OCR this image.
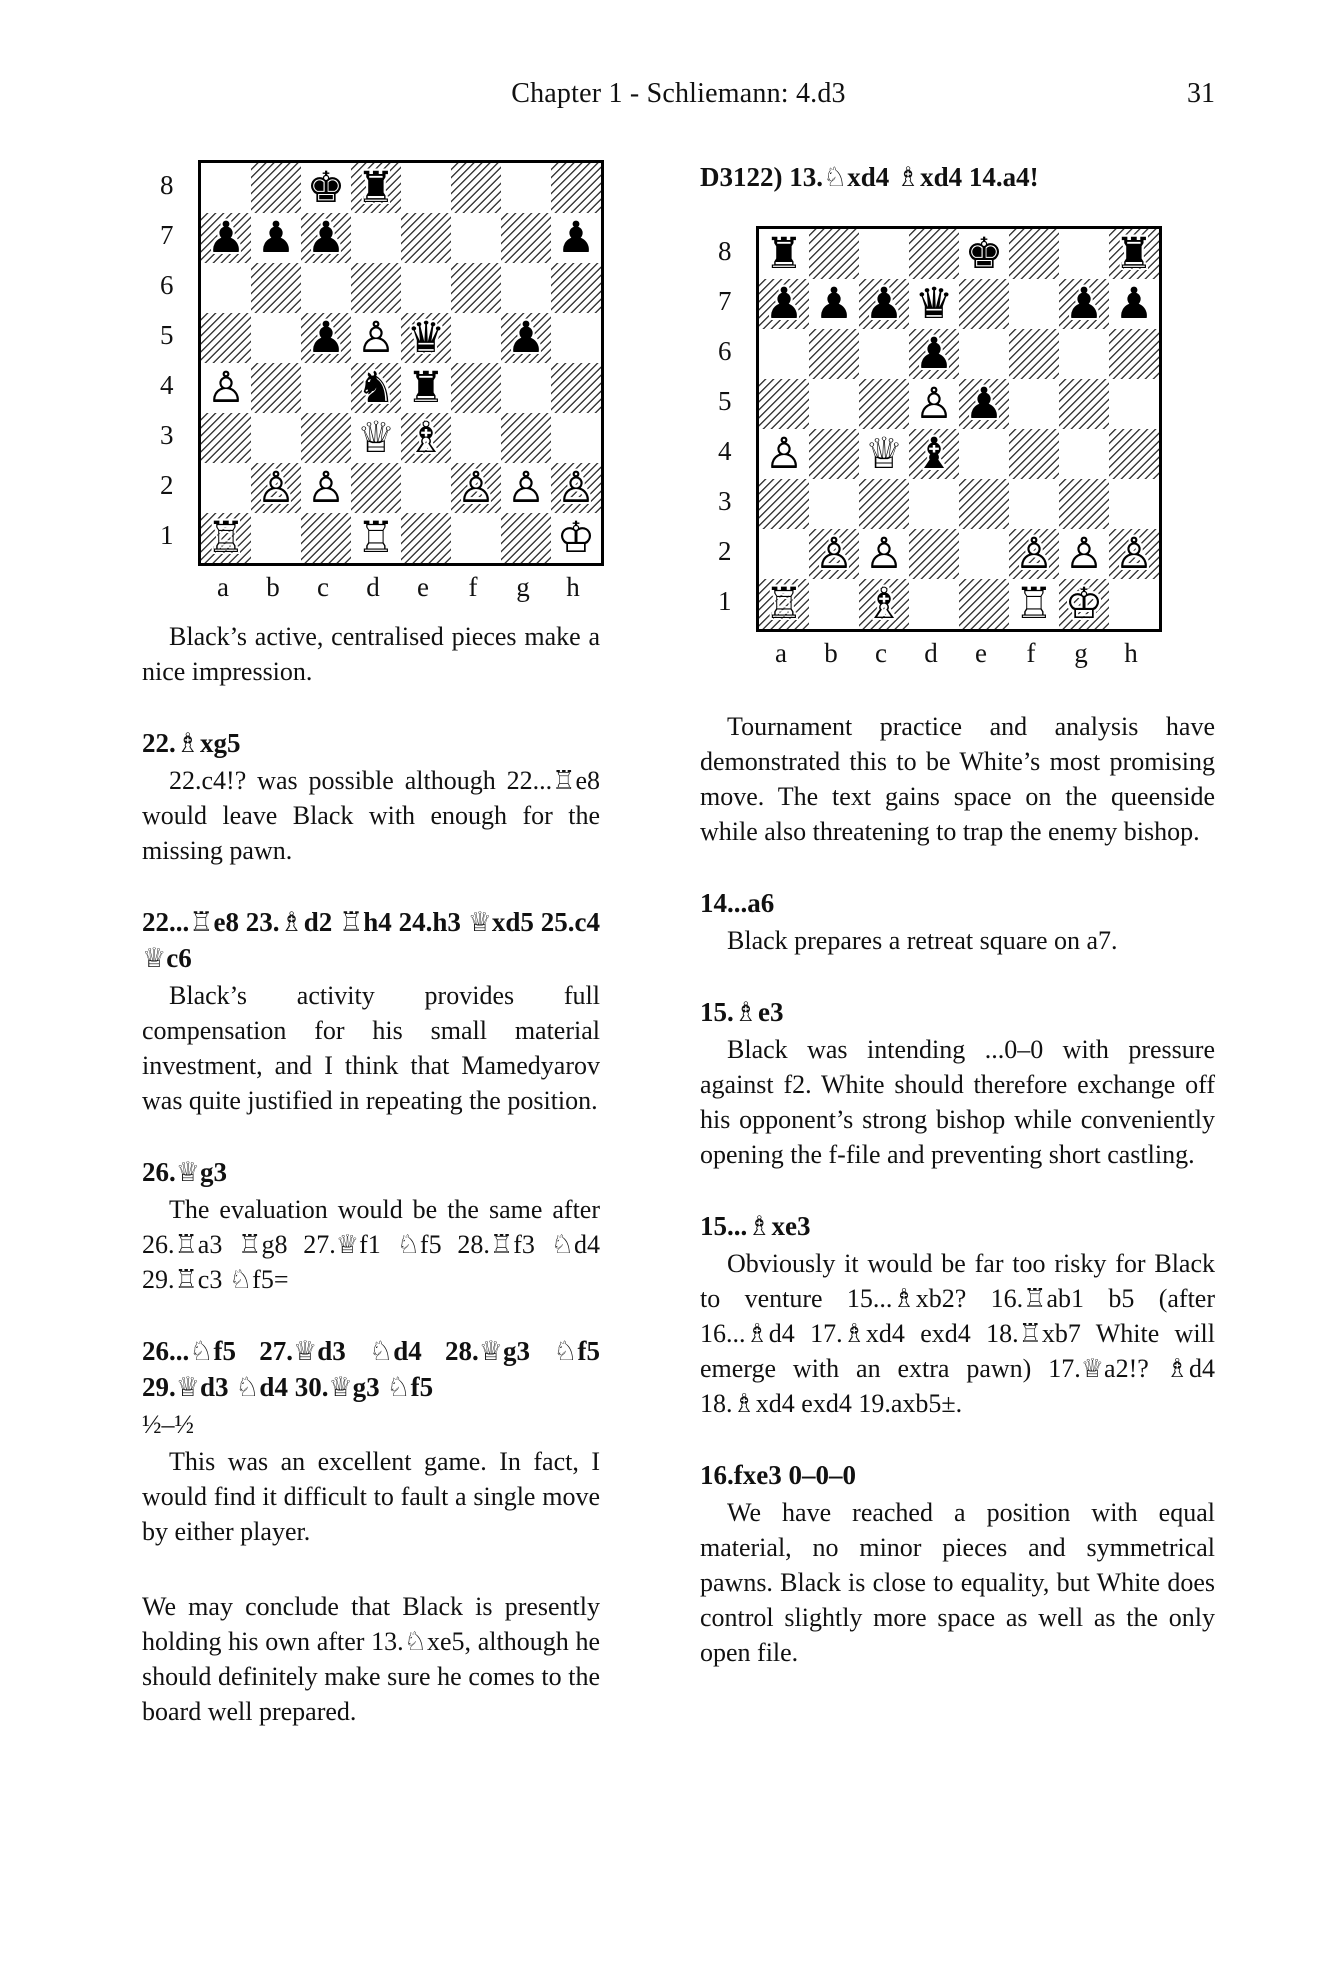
Chapter 1 - Schliemann: 4.d3	31
8
7
6
5
4
3
2
1
♚ ♜
♟ ♟ ♟	♟
♟ ♙ ♛ ♟
♙	♞ ♜
♕ ♗
♙ ♙	♙ ♙ ♙
♖	♖	♔
a	b	c	d	e	f	g	h

Black’s active, centralised pieces make a nice impression.

22.♗xg5

22.c4!? was possible although 22...♖e8 would leave Black with enough for the missing pawn.

22...♖e8 23.♗d2 ♖h4 24.h3 ♕xd5 25.c4 ♕c6

Black’s activity provides full compensation for his small material investment, and I think that Mamedyarov was quite justified in repeating the position.

26.♕g3

The evaluation would be the same after 26.♖a3 ♖g8 27.♕f1 ♘f5 28.♖f3 ♘d4 29.♖c3 ♘f5=

26...♘f5 27.♕d3 ♘d4 28.♕g3 ♘f5 29.♕d3 ♘d4 30.♕g3 ♘f5

½–½

This was an excellent game. In fact, I would find it difficult to fault a single move by either player.

We may conclude that Black is presently holding his own after 13.♘xe5, although he should definitely make sure he comes to the board well prepared.

D3122) 13.♘xd4 ♗xd4 14.a4!
8
7
6
5
4
3
2
1
♜	♚	♜
♟ ♟ ♟ ♛	♟ ♟
♟
♙ ♟
♙ ♕ ♝
♙ ♙	♙ ♙ ♙
♖ ♗	♖ ♔
a	b	c	d	e	f	g	h

Tournament practice and analysis have demonstrated this to be White’s most promising move. The text gains space on the queenside while also threatening to trap the enemy bishop.

14...a6

Black prepares a retreat square on a7.

15.♗e3

Black was intending ...0–0 with pressure against f2. White should therefore exchange off his opponent’s strong bishop while conveniently opening the f-file and preventing short castling.

15...♗xe3

Obviously it would be far too risky for Black to venture 15...♗xb2? 16.♖ab1 b5 (after 16...♗d4 17.♗xd4 exd4 18.♖xb7 White will emerge with an extra pawn) 17.♕a2!? ♗d4 18.♗xd4 exd4 19.axb5±.

16.fxe3 0–0–0

We have reached a position with equal material, no minor pieces and symmetrical pawns. Black is close to equality, but White does control slightly more space as well as the only open file.
